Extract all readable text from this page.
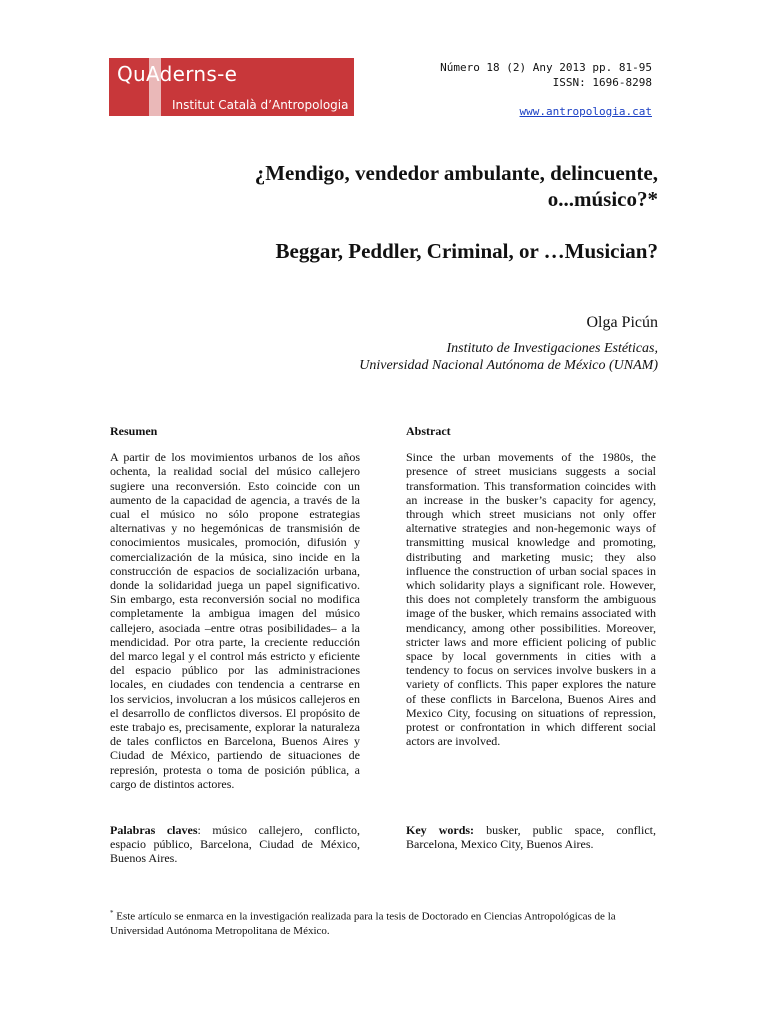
QuAderns-e
Institut Català d’Antropologia
Número 18 (2) Any 2013 pp. 81-95
ISSN: 1696-8298
www.antropologia.cat
¿Mendigo, vendedor ambulante, delincuente,
o...músico?*
Beggar, Peddler, Criminal, or …Musician?
Olga Picún
Instituto de Investigaciones Estéticas,
Universidad Nacional Autónoma de México (UNAM)
Resumen
A partir de los movimientos urbanos de los años ochenta, la realidad social del músico callejero sugiere una reconversión. Esto coincide con un aumento de la capacidad de agencia, a través de la cual el músico no sólo propone estrategias alternativas y no hegemónicas de transmisión de conocimientos musicales, promoción, difusión y comercialización de la música, sino incide en la construcción de espacios de socialización urbana, donde la solidaridad juega un papel significativo. Sin embargo, esta reconversión social no modifica completamente la ambigua imagen del músico callejero, asociada –entre otras posibilidades– a la mendicidad. Por otra parte, la creciente reducción del marco legal y el control más estricto y eficiente del espacio público por las administraciones locales, en ciudades con tendencia a centrarse en los servicios, involucran a los músicos callejeros en el desarrollo de conflictos diversos. El propósito de este trabajo es, precisamente, explorar la naturaleza de tales conflictos en Barcelona, Buenos Aires y Ciudad de México, partiendo de situaciones de represión, protesta o toma de posición pública, a cargo de distintos actores.
Abstract
Since the urban movements of the 1980s, the presence of street musicians suggests a social transformation. This transformation coincides with an increase in the busker’s capacity for agency, through which street musicians not only offer alternative strategies and non-hegemonic ways of transmitting musical knowledge and promoting, distributing and marketing music; they also influence the construction of urban social spaces in which solidarity plays a significant role. However, this does not completely transform the ambiguous image of the busker, which remains associated with mendicancy, among other possibilities. Moreover, stricter laws and more efficient policing of public space by local governments in cities with a tendency to focus on services involve buskers in a variety of conflicts. This paper explores the nature of these conflicts in Barcelona, Buenos Aires and Mexico City, focusing on situations of repression, protest or confrontation in which different social actors are involved.
Palabras claves: músico callejero, conflicto, espacio público, Barcelona, Ciudad de México, Buenos Aires.
Key words: busker, public space, conflict, Barcelona, Mexico City, Buenos Aires.
* Este artículo se enmarca en la investigación realizada para la tesis de Doctorado en Ciencias Antropológicas de la Universidad Autónoma Metropolitana de México.
